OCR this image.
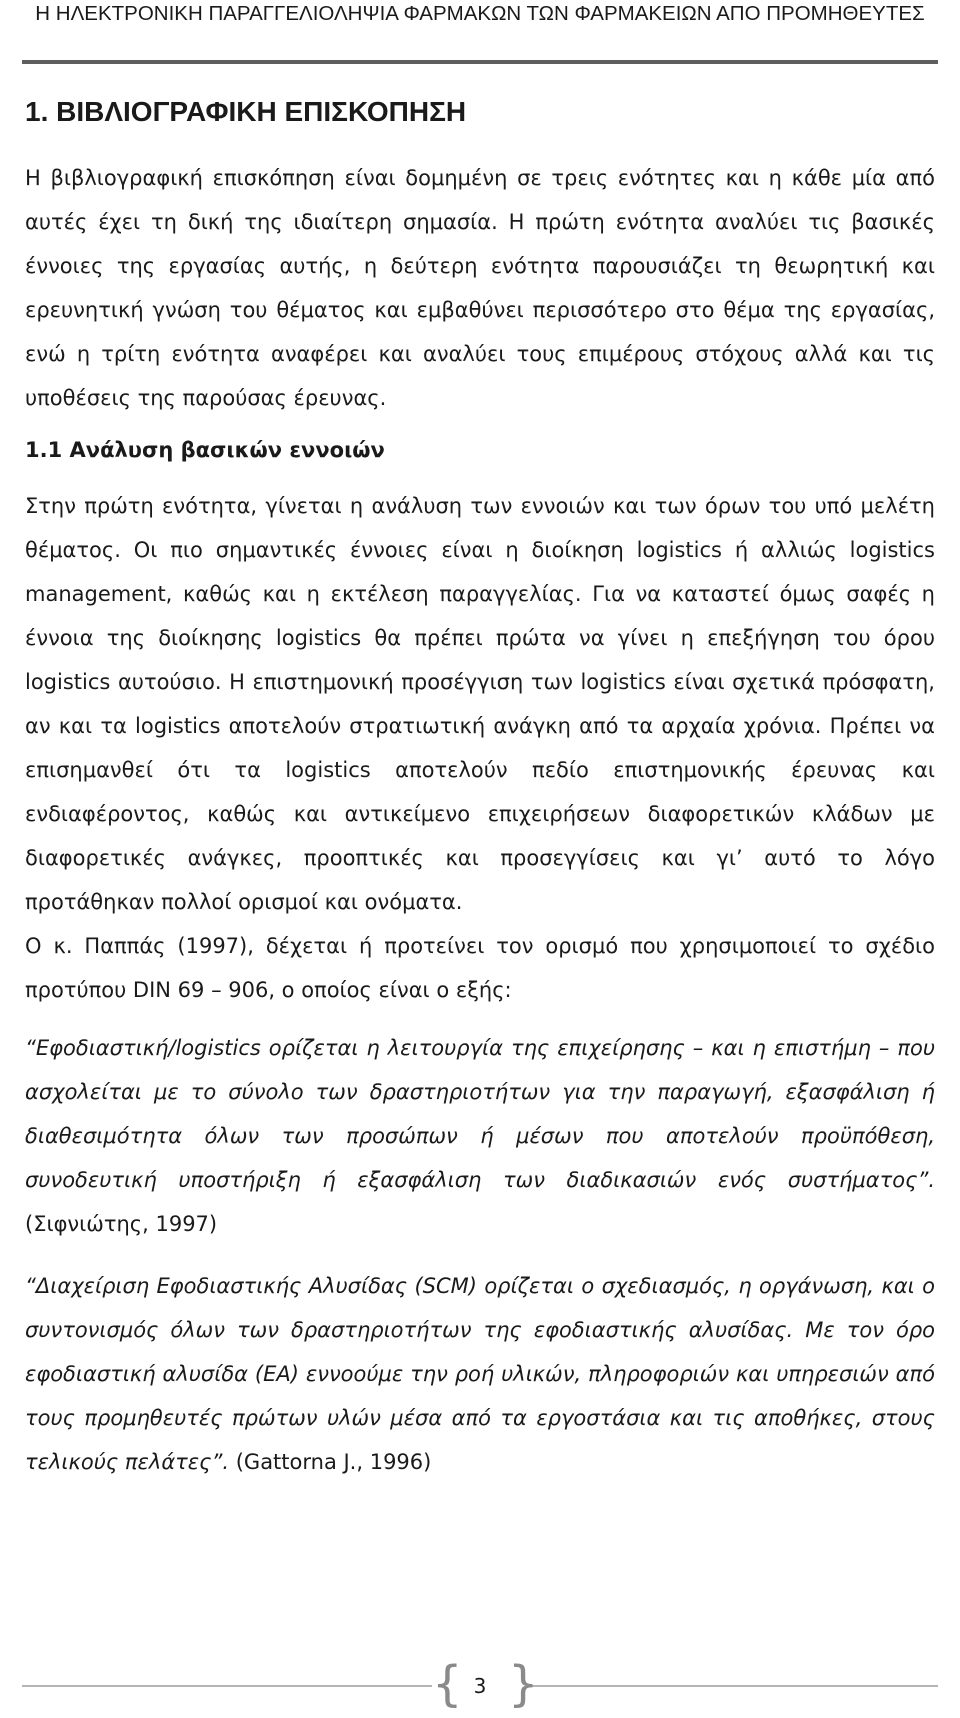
Η ΗΛΕΚΤΡΟΝΙΚΗ ΠΑΡΑΓΓΕΛΙΟΛΗΨΙΑ ΦΑΡΜΑΚΩΝ ΤΩΝ ΦΑΡΜΑΚΕΙΩΝ ΑΠΟ ΠΡΟΜΗΘΕΥΤΕΣ
1. ΒΙΒΛΙΟΓΡΑΦΙΚΗ ΕΠΙΣΚΟΠΗΣΗ

Η βιβλιογραφική επισκόπηση είναι δομημένη σε τρεις ενότητες και η κάθε μία από αυτές έχει τη δική της ιδιαίτερη σημασία. Η πρώτη ενότητα αναλύει τις βασικές έννοιες της εργασίας αυτής, η δεύτερη ενότητα παρουσιάζει τη θεωρητική και ερευνητική γνώση του θέματος και εμβαθύνει περισσότερο στο θέμα της εργασίας, ενώ η τρίτη ενότητα αναφέρει και αναλύει τους επιμέρους στόχους αλλά και τις υποθέσεις της παρούσας έρευνας.

1.1 Ανάλυση βασικών εννοιών

Στην πρώτη ενότητα, γίνεται η ανάλυση των εννοιών και των όρων του υπό μελέτη θέματος. Οι πιο σημαντικές έννοιες είναι η διοίκηση logistics ή αλλιώς logistics management, καθώς και η εκτέλεση παραγγελίας. Για να καταστεί όμως σαφές η έννοια της διοίκησης logistics θα πρέπει πρώτα να γίνει η επεξήγηση του όρου logistics αυτούσιο. Η επιστημονική προσέγγιση των logistics είναι σχετικά πρόσφατη, αν και τα logistics αποτελούν στρατιωτική ανάγκη από τα αρχαία χρόνια. Πρέπει να επισημανθεί ότι τα logistics αποτελούν πεδίο επιστημονικής έρευνας και ενδιαφέροντος, καθώς και αντικείμενο επιχειρήσεων διαφορετικών κλάδων με διαφορετικές ανάγκες, προοπτικές και προσεγγίσεις και γι’ αυτό το λόγο προτάθηκαν πολλοί ορισμοί και ονόματα.

Ο κ. Παππάς (1997), δέχεται ή προτείνει τον ορισμό που χρησιμοποιεί το σχέδιο προτύπου DIN 69 – 906, ο οποίος είναι ο εξής:

“Εφοδιαστική/logistics ορίζεται η λειτουργία της επιχείρησης – και η επιστήμη – που ασχολείται με το σύνολο των δραστηριοτήτων για την παραγωγή, εξασφάλιση ή διαθεσιμότητα όλων των προσώπων ή μέσων που αποτελούν προϋπόθεση, συνοδευτική υποστήριξη ή εξασφάλιση των διαδικασιών ενός συστήματος”. (Σιφνιώτης, 1997)

“Διαχείριση Εφοδιαστικής Αλυσίδας (SCM) ορίζεται ο σχεδιασμός, η οργάνωση, και ο συντονισμός όλων των δραστηριοτήτων της εφοδιαστικής αλυσίδας. Με τον όρο εφοδιαστική αλυσίδα (ΕΑ) εννοούμε την ροή υλικών, πληροφοριών και υπηρεσιών από τους προμηθευτές πρώτων υλών μέσα από τα εργοστάσια και τις αποθήκες, στους τελικούς πελάτες”. (Gattorna J., 1996)

{ 3 }
